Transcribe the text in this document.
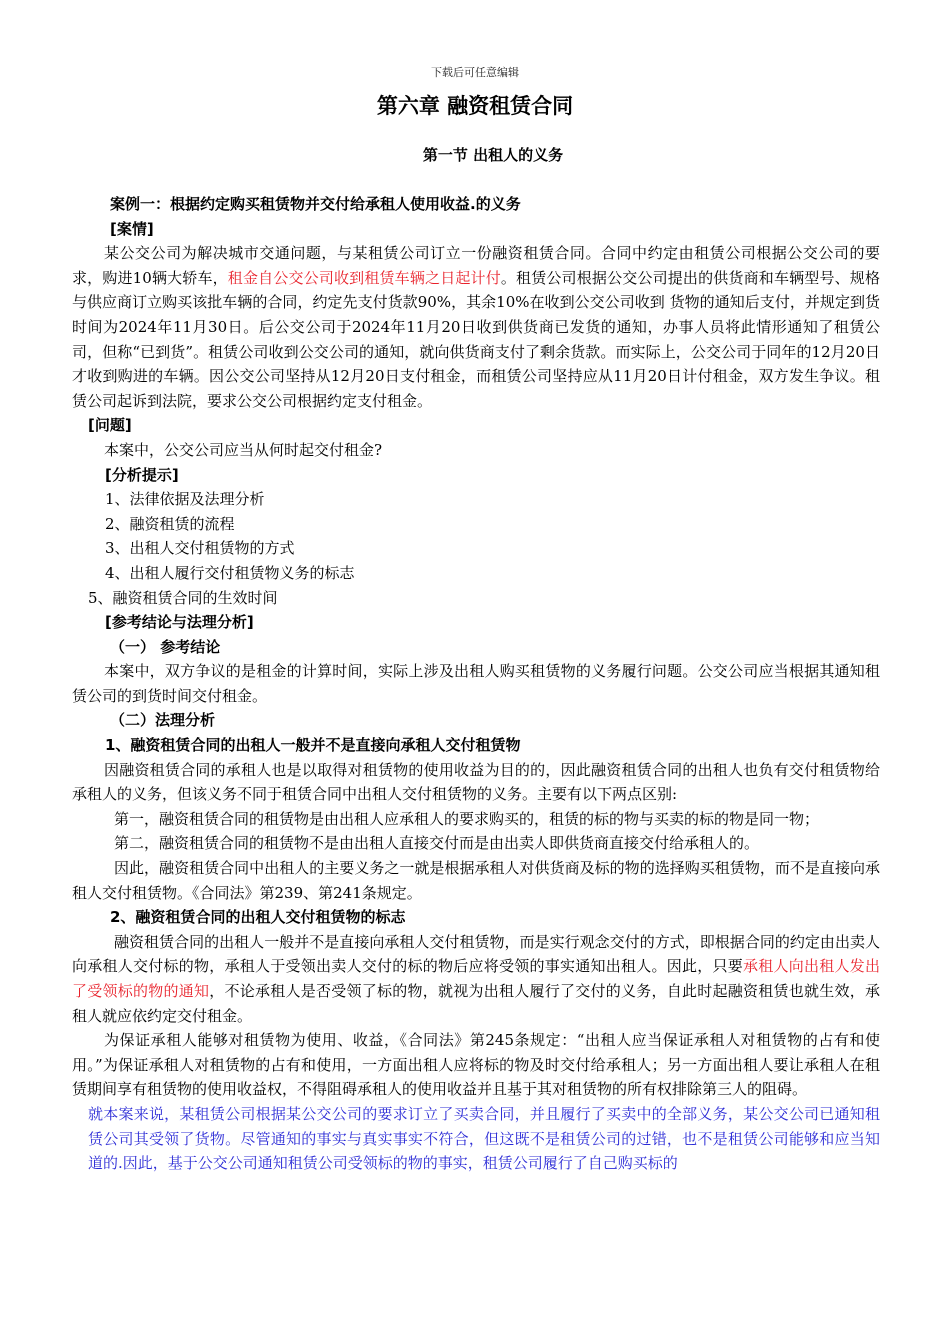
下载后可任意编辑
第六章 融资租赁合同
第一节 出租人的义务

案例一：根据约定购买租赁物并交付给承租人使用收益.的义务

[案情]

某公交公司为解决城市交通问题，与某租赁公司订立一份融资租赁合同。合同中约定由租赁公司根据公交公司的要求，购进10辆大轿车，租金自公交公司收到租赁车辆之日起计付。租赁公司根据公交公司提出的供货商和车辆型号、规格与供应商订立购买该批车辆的合同，约定先支付货款90%，其余10%在收到公交公司收到 货物的通知后支付，并规定到货时间为2024年11月30日。后公交公司于2024年11月20日收到供货商已发货的通知，办事人员将此情形通知了租赁公司，但称“已到货”。租赁公司收到公交公司的通知，就向供货商支付了剩余货款。而实际上，公交公司于同年的12月20日才收到购进的车辆。因公交公司坚持从12月20日支付租金，而租赁公司坚持应从11月20日计付租金，双方发生争议。租赁公司起诉到法院，要求公交公司根据约定支付租金。

[问题]

本案中，公交公司应当从何时起交付租金?

[分析提示]

1、法律依据及法理分析

2、融资租赁的流程

3、出租人交付租赁物的方式

4、出租人履行交付租赁物义务的标志

5、融资租赁合同的生效时间

[参考结论与法理分析]

（一） 参考结论

本案中，双方争议的是租金的计算时间，实际上涉及出租人购买租赁物的义务履行问题。公交公司应当根据其通知租赁公司的到货时间交付租金。

（二）法理分析

1、融资租赁合同的出租人一般并不是直接向承租人交付租赁物

因融资租赁合同的承租人也是以取得对租赁物的使用收益为目的的，因此融资租赁合同的出租人也负有交付租赁物给承租人的义务，但该义务不同于租赁合同中出租人交付租赁物的义务。主要有以下两点区别:

第一，融资租赁合同的租赁物是由出租人应承租人的要求购买的，租赁的标的物与买卖的标的物是同一物；

第二，融资租赁合同的租赁物不是由出租人直接交付而是由出卖人即供货商直接交付给承租人的。

因此，融资租赁合同中出租人的主要义务之一就是根据承租人对供货商及标的物的选择购买租赁物，而不是直接向承租人交付租赁物。《合同法》第239、第241条规定。

2、融资租赁合同的出租人交付租赁物的标志

融资租赁合同的出租人一般并不是直接向承租人交付租赁物，而是实行观念交付的方式，即根据合同的约定由出卖人向承租人交付标的物，承租人于受领出卖人交付的标的物后应将受领的事实通知出租人。因此，只要承租人向出租人发出了受领标的物的通知，不论承租人是否受领了标的物，就视为出租人履行了交付的义务，自此时起融资租赁也就生效，承租人就应依约定交付租金。

为保证承租人能够对租赁物为使用、收益，《合同法》第245条规定：“出租人应当保证承租人对租赁物的占有和使用。”为保证承租人对租赁物的占有和使用，一方面出租人应将标的物及时交付给承租人；另一方面出租人要让承租人在租赁期间享有租赁物的使用收益权，不得阻碍承租人的使用收益并且基于其对租赁物的所有权排除第三人的阻碍。

就本案来说，某租赁公司根据某公交公司的要求订立了买卖合同，并且履行了买卖中的全部义务，某公交公司已通知租赁公司其受领了货物。尽管通知的事实与真实事实不符合，但这既不是租赁公司的过错，也不是租赁公司能够和应当知道的.因此，基于公交公司通知租赁公司受领标的物的事实，租赁公司履行了自己购买标的
